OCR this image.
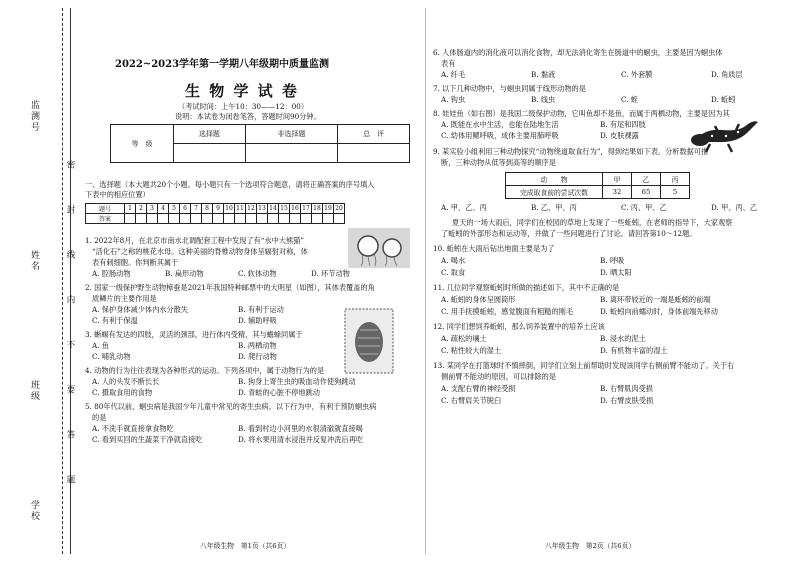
监测号
姓名
班级
学校
密
封
线
内
不
要
答
题
2022~2023学年第一学期八年级期中质量监测
生 物 学 试 卷
（考试时间：上午10：30——12：00）
说明：本试卷为闭卷笔答，答题时间90分钟。
等　级	选择题	非选择题	总　评

一、选择题（本大题共20个小题。每小题只有一个选项符合题意，请将正确答案的序号填入
下表中的相应位置）
题号	1	2	3	4	5	6	7	8	9	10	11	12	13	14	15	16	17	18	19	20
答案																				
1. 2022年8月，在北京市南水北调配套工程中发现了有“水中大熊猫”
“活化石”之称的桃花水母。这种美丽的脊椎动物身体呈辐射对称，体
表有刺细胞。你判断其属于
A. 腔肠动物	B. 扁形动物	C. 软体动物	D. 环节动物
2. 国家一级保护野生动物樟蚕是2021年我国特种邮票中的大明星（如图），其体表覆盖的角
质鳞片的主要作用是
A. 保护身体减少体内水分散失	B. 有利于运动
C. 有利于保温	D. 辅助呼吸
3. 蜥蜴有发达的四肢，灵活的颈部，进行体内受精，其与蟾蜍同属于
A. 鱼	B. 两栖动物
C. 哺乳动物	D. 爬行动物
4. 动物的行为往往表现为各种形式的运动。下列各项中，属于动物行为的是
A. 人的头发不断长长	B. 狗身上寄生虫的吸血动作使狗跳动
C. 摄取食用的食物	D. 青蛙的心脏不停地跳动
5. 80年代以前，蛔虫病是我国少年儿童中常见的寄生虫病。以下行为中，有利于预防蛔虫病
的是
A. 不洗手就直接拿食物吃	B. 看到村边小河里的水很清澈就直接喝
C. 看到买回的生蔬菜干净就直接吃	D. 将水果用清水浸泡并反复冲洗后再吃
八年级生物　第1页（共6页）
6. 人体肠道内的消化液可以消化食物，却无法消化寄生在肠道中的蛔虫，主要是因为蛔虫体
表有
A. 纤毛	B. 黏液	C. 外套膜	D. 角质层
7. 以下几种动物中，与蛔虫同属于线形动物的是
A. 钩虫	B. 线虫	C. 蛭	D. 蚯蚓
8. 娃娃鱼（如右图）是我国二级保护动物，它叫鱼却不是鱼，而属于两栖动物，主要是因为其
A. 既能在水中生活，也能在陆地生活	B. 有尾和四肢
C. 幼体用鳃呼吸，成体主要用肺呼吸	D. 皮肤裸露
9. 某实验小组利用三种动物探究“动物绕道取食行为”，得到结果如下表。分析数据可推
断，三种动物从低等到高等的顺序是
动　　物	甲	乙	丙
完成取食前的尝试次数	32	65	5
A. 甲、乙、丙	B. 乙、甲、丙	C. 丙、甲、乙	D. 甲、丙、乙
夏天的一场大雨后，同学们在校园的草地上发现了一些蚯蚓，在老师的指导下，大家观察
了蚯蚓的外部形态和运动等，并做了一些问题进行了讨论。请回答第10～12题。
10. 蚯蚓在大雨后钻出地面主要是为了
A. 喝水	B. 呼吸
C. 取食	D. 晒太阳
11. 几位同学观察蚯蚓时所做的描述如下，其中不正确的是
A. 蚯蚓的身体呈圆筒形	B. 离环带较近的一端是蚯蚓的前端
C. 用手抚摸蚯蚓，感觉腹面有粗糙的刚毛	D. 蚯蚓向前蠕动时，身体前端先移动
12. 同学们想饲养蚯蚓，那么饲养装置中的培养土应该
A. 疏松的壤土	B. 浸水的泥土
C. 粘性较大的湿土	D. 有机物丰富的湿土
13. 某同学在打篮球时不慎摔倒，同学们立刻上前帮助时发现该同学右侧前臂不能动了。关于右
侧前臂不能动的原因，可以排除的是
A. 支配右臂的神经受损	B. 右臂肌肉受损
C. 右臂肩关节脱臼	D. 右臂皮肤受损
八年级生物　第2页（共6页）
